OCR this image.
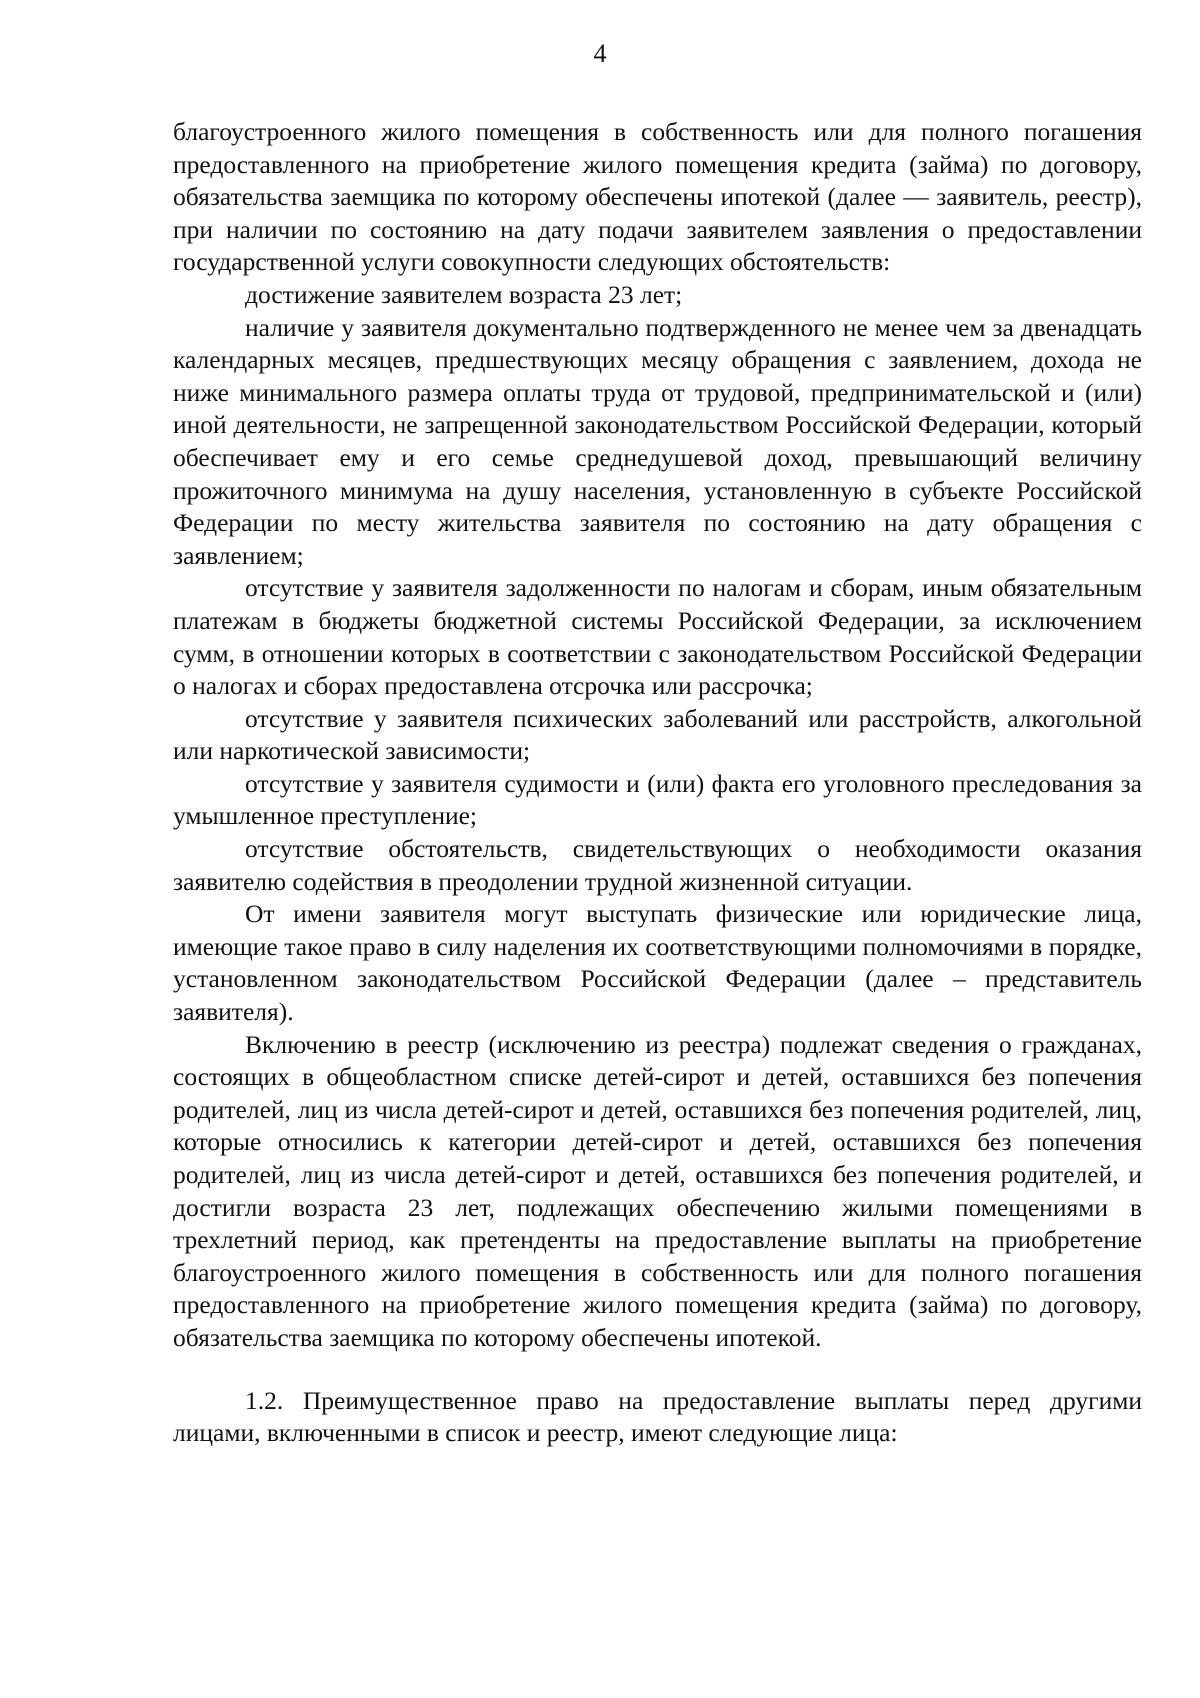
4

благоустроенного жилого помещения в собственность или для полного погашения предоставленного на приобретение жилого помещения кредита (займа) по договору, обязательства заемщика по которому обеспечены ипотекой (далее — заявитель, реестр), при наличии по состоянию на дату подачи заявителем заявления о предоставлении государственной услуги совокупности следующих обстоятельств:

достижение заявителем возраста 23 лет;

наличие у заявителя документально подтвержденного не менее чем за двенадцать календарных месяцев, предшествующих месяцу обращения с заявлением, дохода не ниже минимального размера оплаты труда от трудовой, предпринимательской и (или) иной деятельности, не запрещенной законодательством Российской Федерации, который обеспечивает ему и его семье среднедушевой доход, превышающий величину прожиточного минимума на душу населения, установленную в субъекте Российской Федерации по месту жительства заявителя по состоянию на дату обращения с заявлением;

отсутствие у заявителя задолженности по налогам и сборам, иным обязательным платежам в бюджеты бюджетной системы Российской Федерации, за исключением сумм, в отношении которых в соответствии с законодательством Российской Федерации о налогах и сборах предоставлена отсрочка или рассрочка;

отсутствие у заявителя психических заболеваний или расстройств, алкогольной или наркотической зависимости;

отсутствие у заявителя судимости и (или) факта его уголовного преследования за умышленное преступление;

отсутствие обстоятельств, свидетельствующих о необходимости оказания заявителю содействия в преодолении трудной жизненной ситуации.

От имени заявителя могут выступать физические или юридические лица, имеющие такое право в силу наделения их соответствующими полномочиями в порядке, установленном законодательством Российской Федерации (далее – представитель заявителя).

Включению в реестр (исключению из реестра) подлежат сведения о гражданах, состоящих в общеобластном списке детей-сирот и детей, оставшихся без попечения родителей, лиц из числа детей-сирот и детей, оставшихся без попечения родителей, лиц, которые относились к категории детей-сирот и детей, оставшихся без попечения родителей, лиц из числа детей-сирот и детей, оставшихся без попечения родителей, и достигли возраста 23 лет, подлежащих обеспечению жилыми помещениями в трехлетний период, как претенденты на предоставление выплаты на приобретение благоустроенного жилого помещения в собственность или для полного погашения предоставленного на приобретение жилого помещения кредита (займа) по договору, обязательства заемщика по которому обеспечены ипотекой.

1.2. Преимущественное право на предоставление выплаты перед другими лицами, включенными в список и реестр, имеют следующие лица:
